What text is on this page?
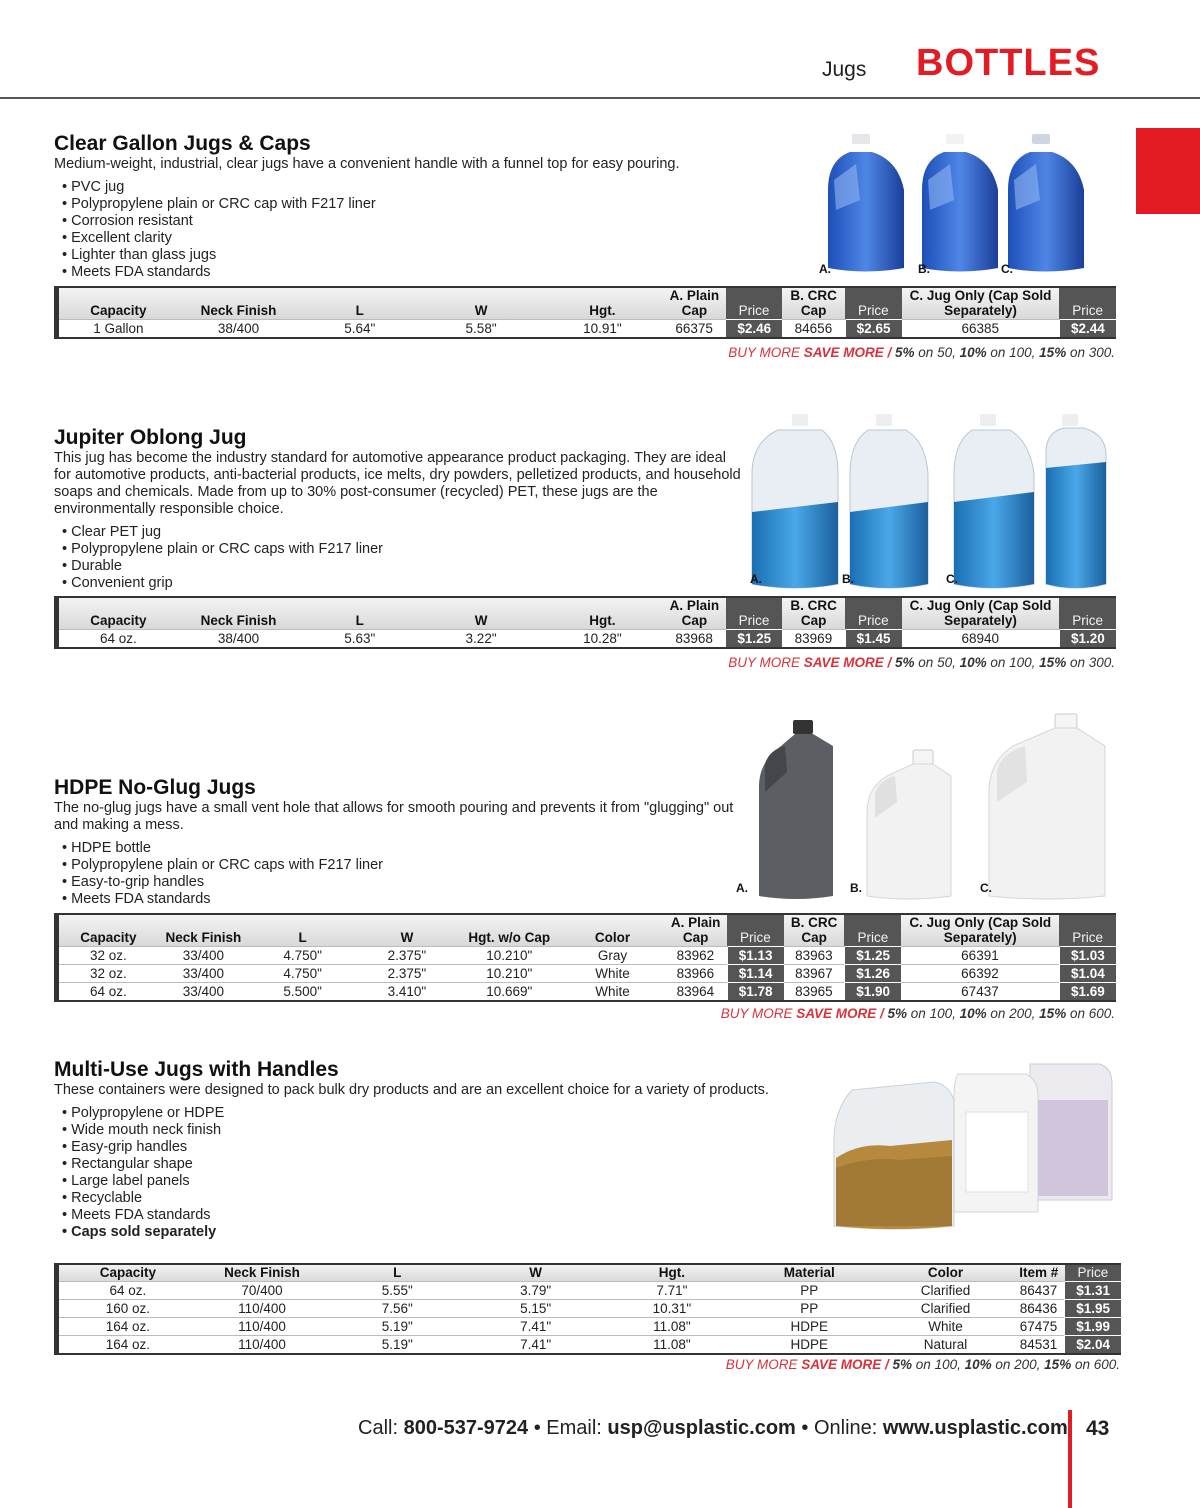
Jugs BOTTLES
Clear Gallon Jugs & Caps
Medium-weight, industrial, clear jugs have a convenient handle with a funnel top for easy pouring.
• PVC jug
• Polypropylene plain or CRC cap with F217 liner
• Corrosion resistant
• Excellent clarity
• Lighter than glass jugs
• Meets FDA standards	A.	B.	C.
Capacity	Neck Finish	L	W	Hgt.	A. Plain Cap	Price	B. CRC Cap	Price	C. Jug Only (Cap Sold Separately)	Price
1 Gallon	38/400	5.64"	5.58"	10.91"	66375	$2.46	84656	$2.65	66385	$2.44
BUY MORE SAVE MORE / 5% on 50, 10% on 100, 15% on 300.
Jupiter Oblong Jug
This jug has become the industry standard for automotive appearance product packaging. They are ideal for automotive products, anti-bacterial products, ice melts, dry powders, pelletized products, and household soaps and chemicals. Made from up to 30% post-consumer (recycled) PET, these jugs are the environmentally responsible choice.
• Clear PET jug
• Polypropylene plain or CRC caps with F217 liner
• Durable
• Convenient grip	A.	B.	C.
Capacity	Neck Finish	L	W	Hgt.	A. Plain Cap	Price	B. CRC Cap	Price	C. Jug Only (Cap Sold Separately)	Price
64 oz.	38/400	5.63"	3.22"	10.28"	83968	$1.25	83969	$1.45	68940	$1.20
BUY MORE SAVE MORE / 5% on 50, 10% on 100, 15% on 300.
HDPE No-Glug Jugs
The no-glug jugs have a small vent hole that allows for smooth pouring and prevents it from "glugging" out and making a mess.
• HDPE bottle
• Polypropylene plain or CRC caps with F217 liner
• Easy-to-grip handles
• Meets FDA standards
A.	B.	C.
Capacity	Neck Finish	L	W	Hgt. w/o Cap	Color	A. Plain Cap	Price	B. CRC Cap	Price	C. Jug Only (Cap Sold Separately)	Price
32 oz.	33/400	4.750"	2.375"	10.210"	Gray	83962	$1.13	83963	$1.25	66391	$1.03
32 oz.	33/400	4.750"	2.375"	10.210"	White	83966	$1.14	83967	$1.26	66392	$1.04
64 oz.	33/400	5.500"	3.410"	10.669"	White	83964	$1.78	83965	$1.90	67437	$1.69
BUY MORE SAVE MORE / 5% on 100, 10% on 200, 15% on 600.
Multi-Use Jugs with Handles
These containers were designed to pack bulk dry products and are an excellent choice for a variety of products.
• Polypropylene or HDPE
• Wide mouth neck finish
• Easy-grip handles
• Rectangular shape
• Large label panels
• Recyclable
• Meets FDA standards
• Caps sold separately
Capacity	Neck Finish	L	W	Hgt.	Material	Color	Item #	Price
64 oz.	70/400	5.55"	3.79"	7.71"	PP	Clarified	86437	$1.31
160 oz.	110/400	7.56"	5.15"	10.31"	PP	Clarified	86436	$1.95
164 oz.	110/400	5.19"	7.41"	11.08"	HDPE	White	67475	$1.99
164 oz.	110/400	5.19"	7.41"	11.08"	HDPE	Natural	84531	$2.04
BUY MORE SAVE MORE / 5% on 100, 10% on 200, 15% on 600.
Call: 800-537-9724 • Email: usp@usplastic.com • Online: www.usplastic.com 43
